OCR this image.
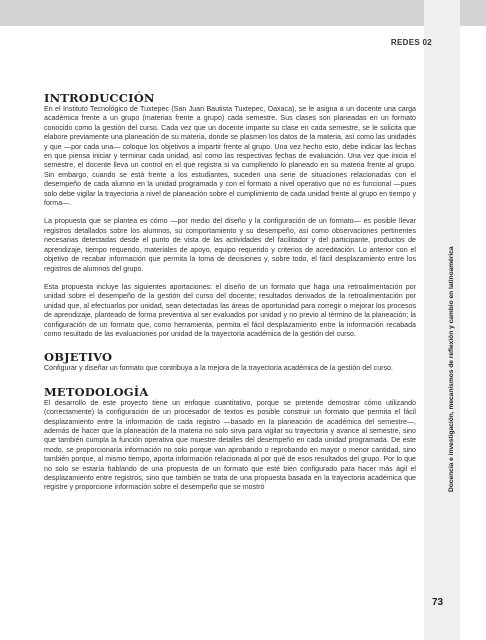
REDES 02
INTRODUCCIÓN

En el Instituto Tecnológico de Tuxtepec (San Juan Bautista Tuxtepec, Oaxaca), se le asigna a un docente una carga académica frente a un grupo (materias frente a grupo) cada semestre. Sus clases son planeadas en un formato conocido como la gestión del curso. Cada vez que un docente imparte su clase en cada semestre, se le solicita que elabore previamente una planeación de su materia, donde se plasmen los datos de la materia, así como las unidades y que —por cada una— coloque los objetivos a impartir frente al grupo. Una vez hecho esto, debe indicar las fechas en que piensa iniciar y terminar cada unidad, así como las respectivas fechas de evaluación. Una vez que inicia el semestre, el docente lleva un control en el que registra si va cumpliendo lo planeado en su materia frente al grupo. Sin embargo, cuando se está frente a los estudiantes, suceden una serie de situaciones relacionadas con el desempeño de cada alumno en la unidad programada y con el formato a nivel operativo que no es funcional —pues solo debe vigilar la trayectoria a nivel de planeación sobre el cumplimiento de cada unidad frente al grupo en tiempo y forma—.

La propuesta que se plantea es cómo —por medio del diseño y la configuración de un formato— es posible llevar registros detallados sobre los alumnos, su comportamiento y su desempeño, así como observaciones pertinentes necesarias detectadas desde el punto de vista de las actividades del facilitador y del participante, productos de aprendizaje, tiempo requerido, materiales de apoyo, equipo requerido y criterios de acreditación. Lo anterior con el objetivo de recabar información que permita la toma de decisiones y, sobre todo, el fácil desplazamiento entre los registros de alumnos del grupo.

Esta propuesta incluye las siguientes aportaciones: el diseño de un formato que haga una retroalimentación por unidad sobre el desempeño de la gestión del curso del docente; resultados derivados de la retroalimentación por unidad que, al efectuarlos por unidad, sean detectadas las áreas de oportunidad para corregir o mejorar los procesos de aprendizaje, planteado de forma preventiva al ser evaluados por unidad y no previo al término de la planeación; la configuración de un formato que, como herramienta, permita el fácil desplazamiento entre la información recabada como resultado de las evaluaciones por unidad de la trayectoria académica de la gestión del curso.

OBJETIVO

Configurar y diseñar un formato que contribuya a la mejora de la trayectoria académica de la gestión del curso.

METODOLOGÍA

El desarrollo de este proyecto tiene un enfoque cuantitativo, porque se pretende demostrar cómo utilizando (correctamente) la configuración de un procesador de textos es posible construir un formato que permita el fácil desplazamiento entre la información de cada registro —basado en la planeación de académica del semestre—, además de hacer que la planeación de la materia no solo sirva para vigilar su trayectoria y avance al semestre, sino que también cumpla la función operativa que muestre detalles del desempeño en cada unidad programada. De este modo, se proporcionaría información no solo porque van aprobando o reprobando en mayor o menor cantidad, sino también porque, al mismo tiempo, aporta información relacionada al por qué de esos resultados del grupo. Por lo que no solo se estaría hablando de una propuesta de un formato que esté bien configurado para hacer más ágil el desplazamiento entre registros, sino que también se trata de una propuesta basada en la trayectoria académica que registre y proporcione información sobre el desempeño que se mostró	Docencia e investigación, mecanismos de reflexión y cambio en latinoamérica
73
